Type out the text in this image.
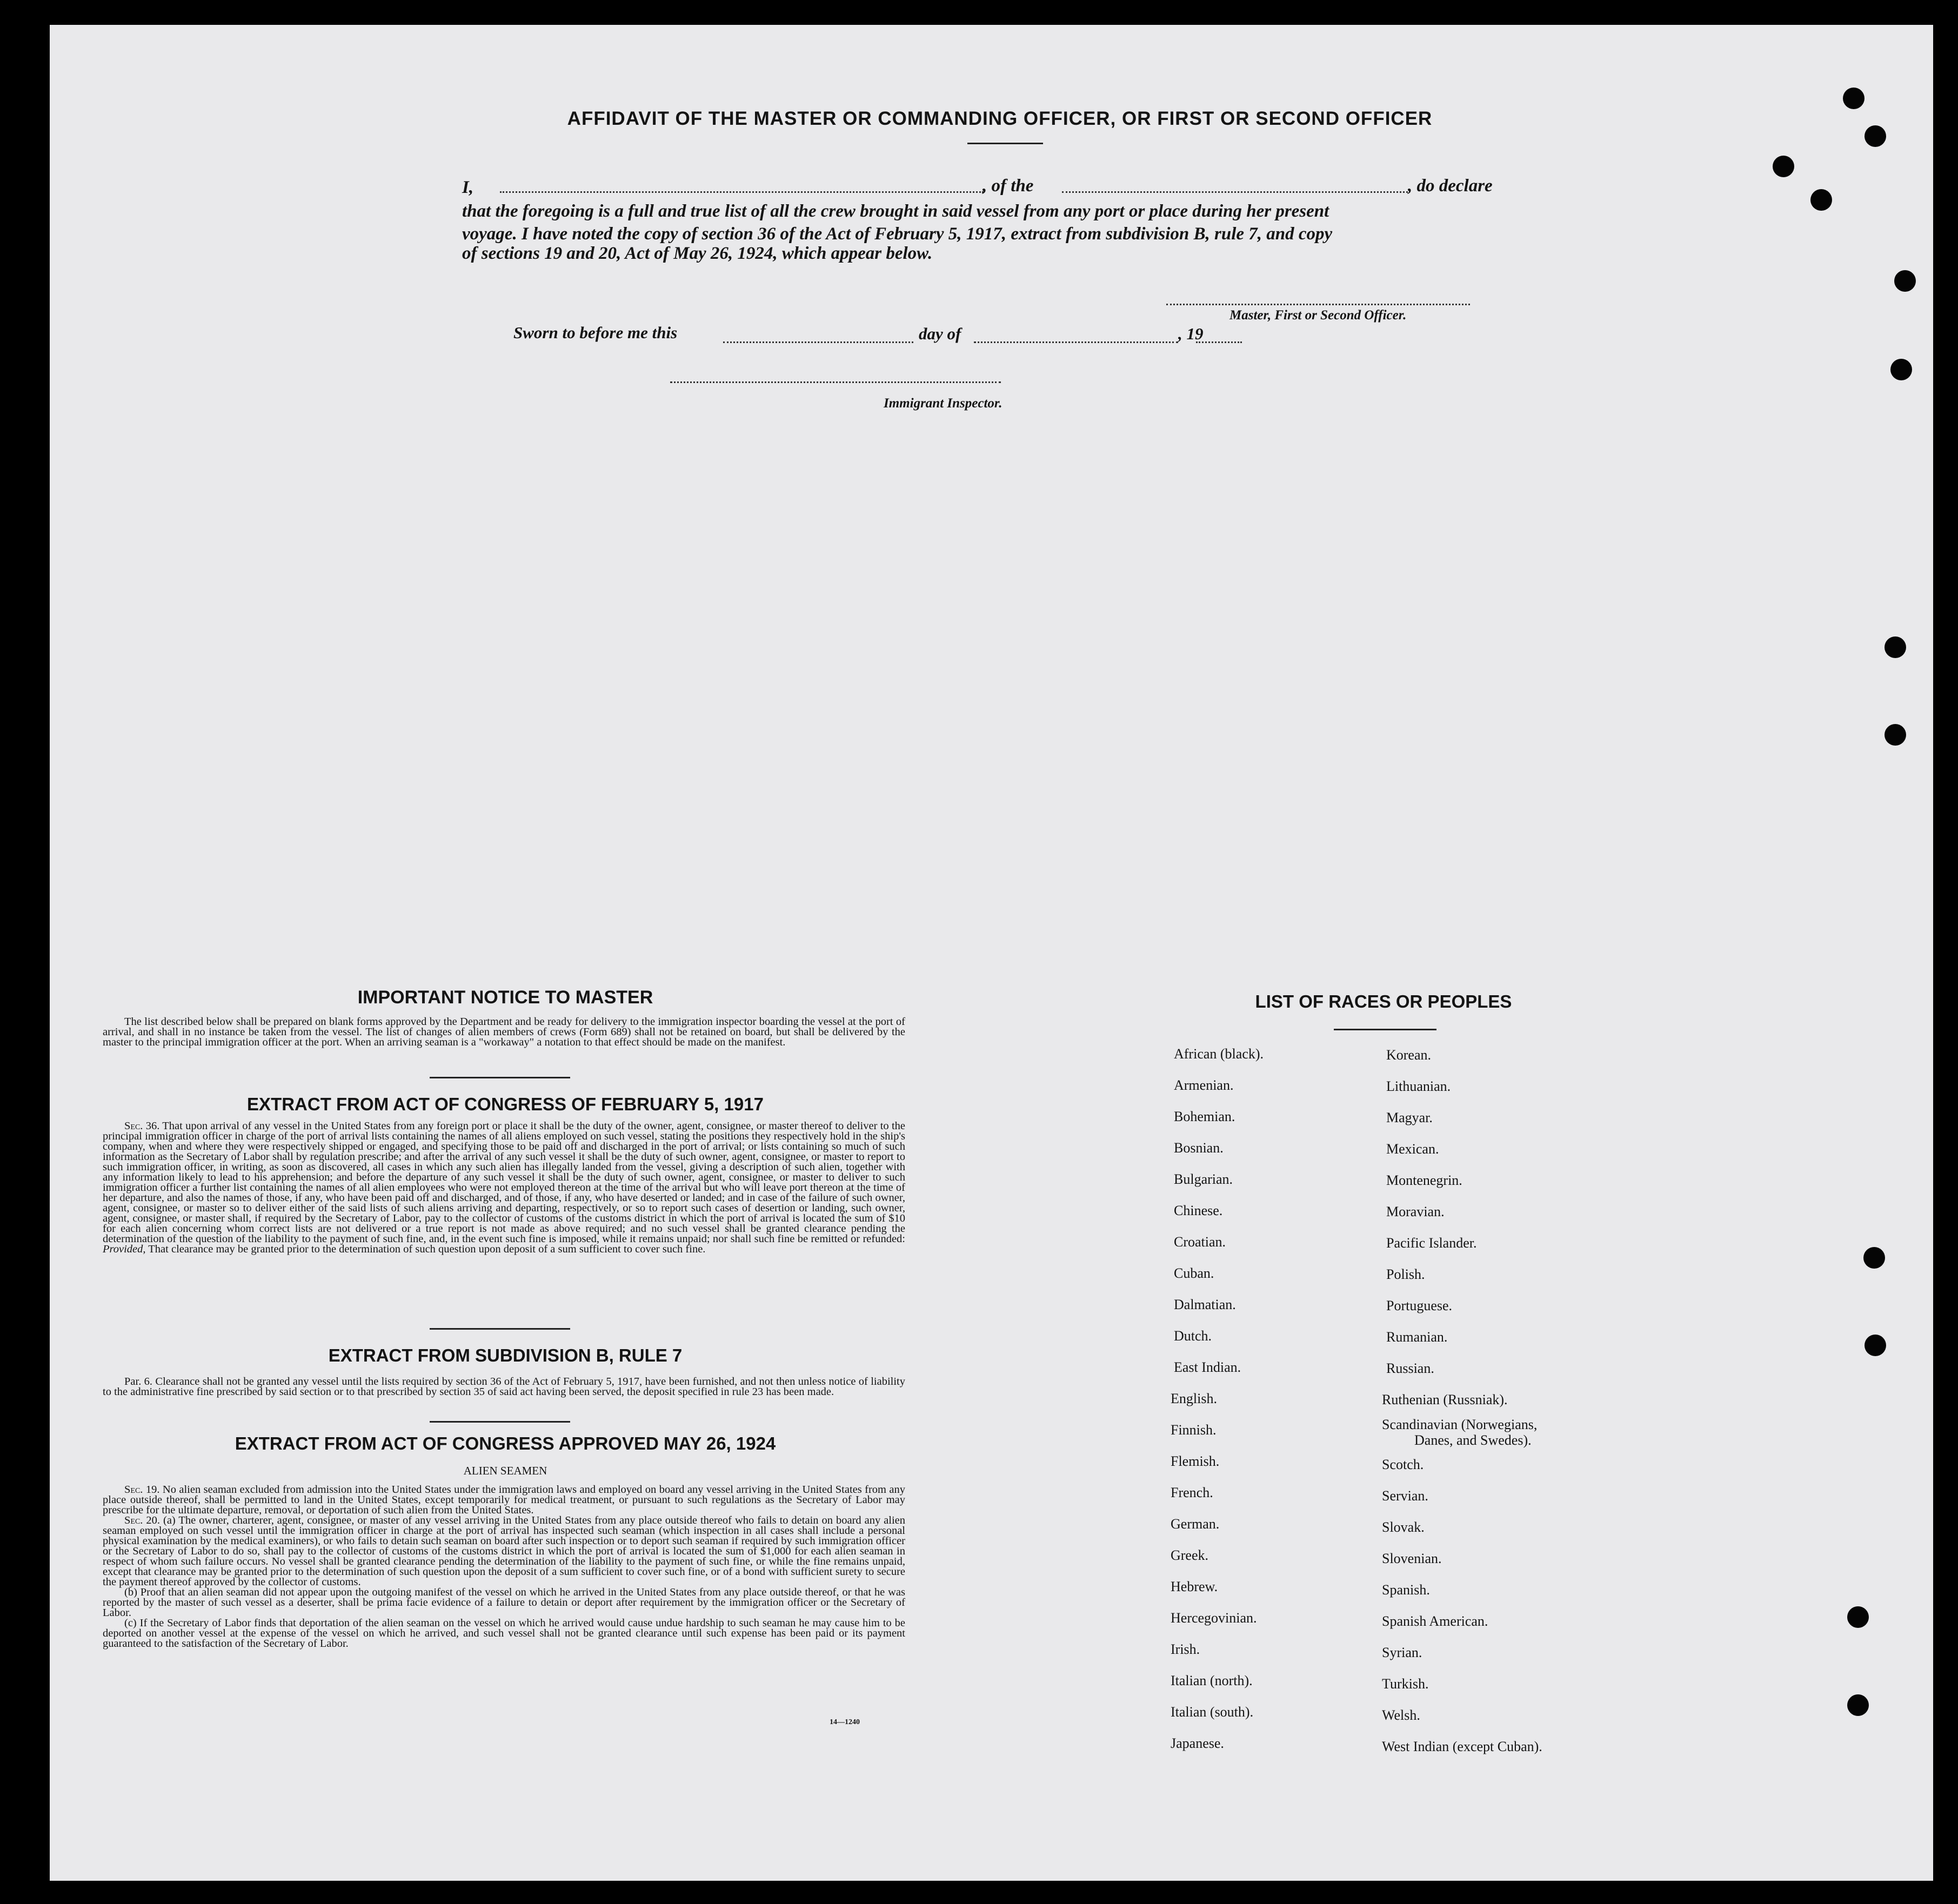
AFFIDAVIT OF THE MASTER OR COMMANDING OFFICER, OR FIRST OR SECOND OFFICER
I,	, of the	, do declare
that the foregoing is a full and true list of all the crew brought in said vessel from any port or place during her present
voyage. I have noted the copy of section 36 of the Act of February 5, 1917, extract from subdivision B, rule 7, and copy
of sections 19 and 20, Act of May 26, 1924, which appear below.
Master, First or Second Officer.
Sworn to before me this	day of	, 19
Immigrant Inspector.
IMPORTANT NOTICE TO MASTER
The list described below shall be prepared on blank forms approved by the Department and be ready for delivery to the immigration inspector boarding the vessel at the port of arrival, and shall in no instance be taken from the vessel. The list of changes of alien members of crews (Form 689) shall not be retained on board, but shall be delivered by the master to the principal immigration officer at the port. When an arriving seaman is a "workaway" a notation to that effect should be made on the manifest.
EXTRACT FROM ACT OF CONGRESS OF FEBRUARY 5, 1917
Sec. 36. That upon arrival of any vessel in the United States from any foreign port or place it shall be the duty of the owner, agent, consignee, or master thereof to deliver to the principal immigration officer in charge of the port of arrival lists containing the names of all aliens employed on such vessel, stating the positions they respectively hold in the ship's company, when and where they were respectively shipped or engaged, and specifying those to be paid off and discharged in the port of arrival; or lists containing so much of such information as the Secretary of Labor shall by regulation prescribe; and after the arrival of any such vessel it shall be the duty of such owner, agent, consignee, or master to report to such immigration officer, in writing, as soon as discovered, all cases in which any such alien has illegally landed from the vessel, giving a description of such alien, together with any information likely to lead to his apprehension; and before the departure of any such vessel it shall be the duty of such owner, agent, consignee, or master to deliver to such immigration officer a further list containing the names of all alien employees who were not employed thereon at the time of the arrival but who will leave port thereon at the time of her departure, and also the names of those, if any, who have been paid off and discharged, and of those, if any, who have deserted or landed; and in case of the failure of such owner, agent, consignee, or master so to deliver either of the said lists of such aliens arriving and departing, respectively, or so to report such cases of desertion or landing, such owner, agent, consignee, or master shall, if required by the Secretary of Labor, pay to the collector of customs of the customs district in which the port of arrival is located the sum of $10 for each alien concerning whom correct lists are not delivered or a true report is not made as above required; and no such vessel shall be granted clearance pending the determination of the question of the liability to the payment of such fine, and, in the event such fine is imposed, while it remains unpaid; nor shall such fine be remitted or refunded: Provided, That clearance may be granted prior to the determination of such question upon deposit of a sum sufficient to cover such fine.
EXTRACT FROM SUBDIVISION B, RULE 7
Par. 6. Clearance shall not be granted any vessel until the lists required by section 36 of the Act of February 5, 1917, have been furnished, and not then unless notice of liability to the administrative fine prescribed by said section or to that prescribed by section 35 of said act having been served, the deposit specified in rule 23 has been made.
EXTRACT FROM ACT OF CONGRESS APPROVED MAY 26, 1924
ALIEN SEAMEN
Sec. 19. No alien seaman excluded from admission into the United States under the immigration laws and employed on board any vessel arriving in the United States from any place outside thereof, shall be permitted to land in the United States, except temporarily for medical treatment, or pursuant to such regulations as the Secretary of Labor may prescribe for the ultimate departure, removal, or deportation of such alien from the United States.
Sec. 20. (a) The owner, charterer, agent, consignee, or master of any vessel arriving in the United States from any place outside thereof who fails to detain on board any alien seaman employed on such vessel until the immigration officer in charge at the port of arrival has inspected such seaman (which inspection in all cases shall include a personal physical examination by the medical examiners), or who fails to detain such seaman on board after such inspection or to deport such seaman if required by such immigration officer or the Secretary of Labor to do so, shall pay to the collector of customs of the customs district in which the port of arrival is located the sum of $1,000 for each alien seaman in respect of whom such failure occurs. No vessel shall be granted clearance pending the determination of the liability to the payment of such fine, or while the fine remains unpaid, except that clearance may be granted prior to the determination of such question upon the deposit of a sum sufficient to cover such fine, or of a bond with sufficient surety to secure the payment thereof approved by the collector of customs.
(b) Proof that an alien seaman did not appear upon the outgoing manifest of the vessel on which he arrived in the United States from any place outside thereof, or that he was reported by the master of such vessel as a deserter, shall be prima facie evidence of a failure to detain or deport after requirement by the immigration officer or the Secretary of Labor.
(c) If the Secretary of Labor finds that deportation of the alien seaman on the vessel on which he arrived would cause undue hardship to such seaman he may cause him to be deported on another vessel at the expense of the vessel on which he arrived, and such vessel shall not be granted clearance until such expense has been paid or its payment guaranteed to the satisfaction of the Secretary of Labor.
14—1240
LIST OF RACES OR PEOPLES
African (black).
Armenian.
Bohemian.
Bosnian.
Bulgarian.
Chinese.
Croatian.
Cuban.
Dalmatian.
Dutch.
East Indian.
English.
Finnish.
Flemish.
French.
German.
Greek.
Hebrew.
Hercegovinian.
Irish.
Italian (north).
Italian (south).
Japanese.
Korean.
Lithuanian.
Magyar.
Mexican.
Montenegrin.
Moravian.
Pacific Islander.
Polish.
Portuguese.
Rumanian.
Russian.
Ruthenian (Russniak).
Scandinavian (Norwegians,
Danes, and Swedes).
Scotch.
Servian.
Slovak.
Slovenian.
Spanish.
Spanish American.
Syrian.
Turkish.
Welsh.
West Indian (except Cuban).
